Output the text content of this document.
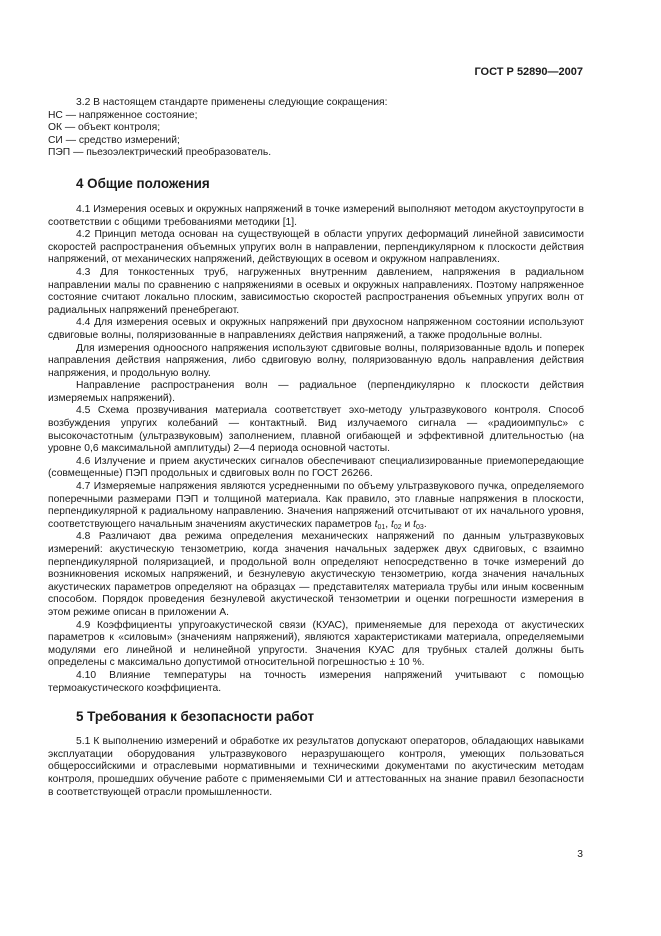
ГОСТ Р 52890—2007

3.2 В настоящем стандарте применены следующие сокращения:

НС — напряженное состояние;

ОК — объект контроля;

СИ — средство измерений;

ПЭП — пьезоэлектрический преобразователь.

4 Общие положения

4.1 Измерения осевых и окружных напряжений в точке измерений выполняют методом акустоупругости в соответствии с общими требованиями методики [1].

4.2 Принцип метода основан на существующей в области упругих деформаций линейной зависимости скоростей распространения объемных упругих волн в направлении, перпендикулярном к плоскости действия напряжений, от механических напряжений, действующих в осевом и окружном направлениях.

4.3 Для тонкостенных труб, нагруженных внутренним давлением, напряжения в радиальном направлении малы по сравнению с напряжениями в осевых и окружных направлениях. Поэтому напряженное состояние считают локально плоским, зависимостью скоростей распространения объемных упругих волн от радиальных напряжений пренебрегают.

4.4 Для измерения осевых и окружных напряжений при двухосном напряженном состоянии используют сдвиговые волны, поляризованные в направлениях действия напряжений, а также продольные волны.

Для измерения одноосного напряжения используют сдвиговые волны, поляризованные вдоль и поперек направления действия напряжения, либо сдвиговую волну, поляризованную вдоль направления действия напряжения, и продольную волну.

Направление распространения волн — радиальное (перпендикулярно к плоскости действия измеряемых напряжений).

4.5 Схема прозвучивания материала соответствует эхо-методу ультразвукового контроля. Способ возбуждения упругих колебаний — контактный. Вид излучаемого сигнала — «радиоимпульс» с высокочастотным (ультразвуковым) заполнением, плавной огибающей и эффективной длительностью (на уровне 0,6 максимальной амплитуды) 2—4 периода основной частоты.

4.6 Излучение и прием акустических сигналов обеспечивают специализированные приемопередающие (совмещенные) ПЭП продольных и сдвиговых волн по ГОСТ 26266.

4.7 Измеряемые напряжения являются усредненными по объему ультразвукового пучка, определяемого поперечными размерами ПЭП и толщиной материала. Как правило, это главные напряжения в плоскости, перпендикулярной к радиальному направлению. Значения напряжений отсчитывают от их начального уровня, соответствующего начальным значениям акустических параметров $t_{01}$, $t_{02}$ и $t_{03}$.

4.8 Различают два режима определения механических напряжений по данным ультразвуковых измерений: акустическую тензометрию, когда значения начальных задержек двух сдвиговых, с взаимно перпендикулярной поляризацией, и продольной волн определяют непосредственно в точке измерений до возникновения искомых напряжений, и безнулевую акустическую тензометрию, когда значения начальных акустических параметров определяют на образцах — представителях материала трубы или иным косвенным способом. Порядок проведения безнулевой акустической тензометрии и оценки погрешности измерения в этом режиме описан в приложении А.

4.9 Коэффициенты упругоакустической связи (КУАС), применяемые для перехода от акустических параметров к «силовым» (значениям напряжений), являются характеристиками материала, определяемыми модулями его линейной и нелинейной упругости. Значения КУАС для трубных сталей должны быть определены с максимально допустимой относительной погрешностью ± 10 %.

4.10 Влияние температуры на точность измерения напряжений учитывают с помощью термоакустического коэффициента.

5 Требования к безопасности работ

5.1 К выполнению измерений и обработке их результатов допускают операторов, обладающих навыками эксплуатации оборудования ультразвукового неразрушающего контроля, умеющих пользоваться общероссийскими и отраслевыми нормативными и техническими документами по акустическим методам контроля, прошедших обучение работе с применяемыми СИ и аттестованных на знание правил безопасности в соответствующей отрасли промышленности.

3
